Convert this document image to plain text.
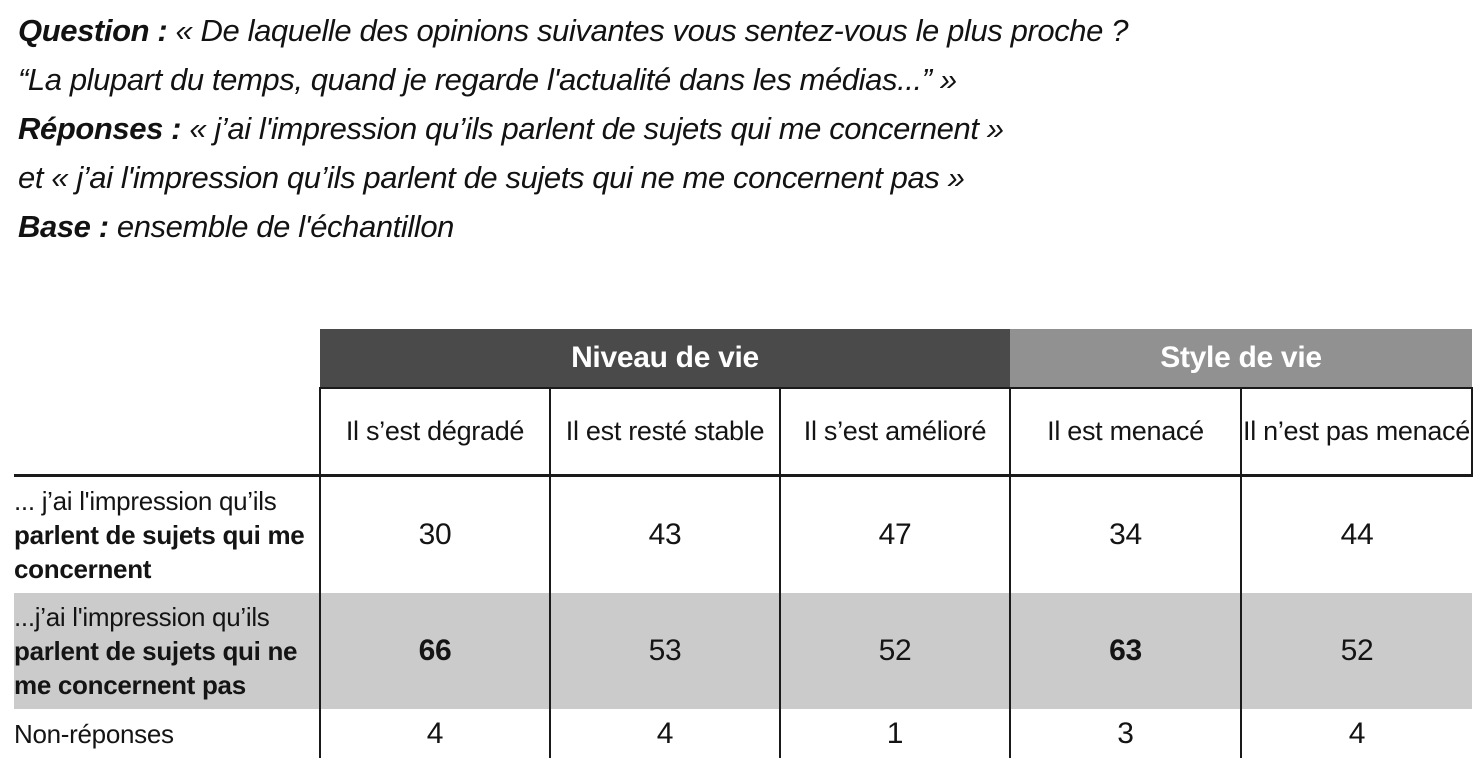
Question : « De laquelle des opinions suivantes vous sentez-vous le plus proche ?
“La plupart du temps, quand je regarde l'actualité dans les médias...” »
Réponses : « j’ai l'impression qu’ils parlent de sujets qui me concernent »
et « j’ai l'impression qu’ils parlent de sujets qui ne me concernent pas »
Base : ensemble de l'échantillon
	Niveau de vie			Style de vie	
	Il s’est dégradé	Il est resté stable	Il s’est amélioré	Il est menacé	Il n’est pas menacé
... j’ai l'impression qu’ils parlent de sujets qui me concernent	30	43	47	34	44
...j’ai l'impression qu’ils parlent de sujets qui ne me concernent pas	66	53	52	63	52
Non-réponses	4	4	1	3	4
